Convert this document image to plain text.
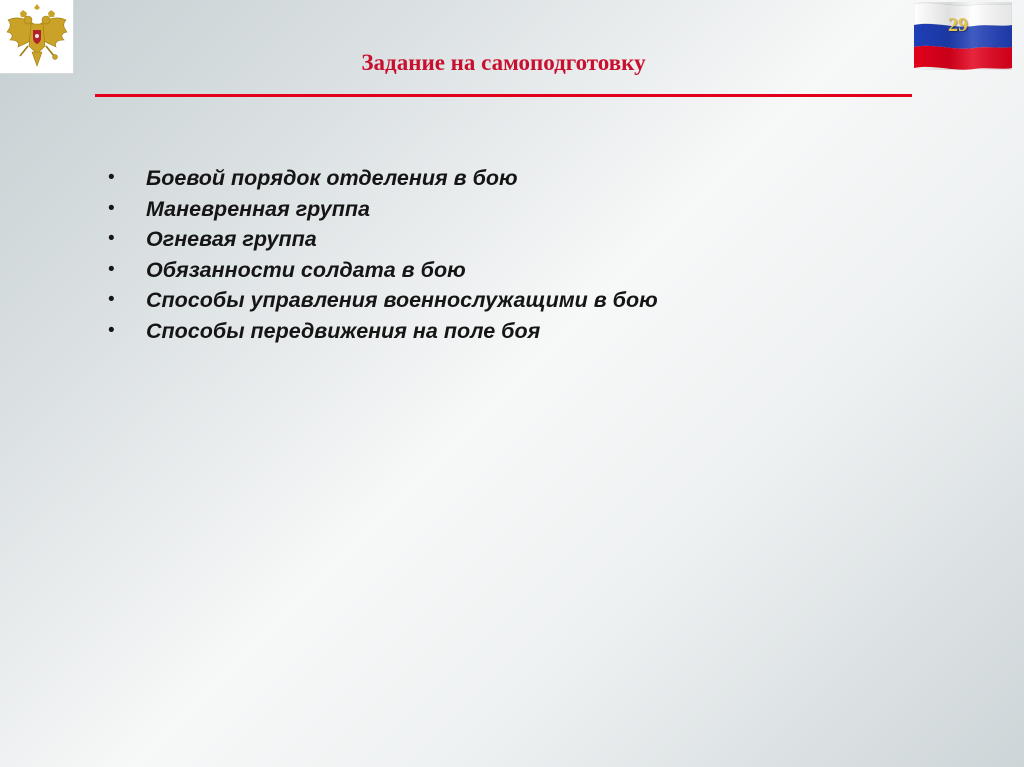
29
Задание на самоподготовку
• Боевой порядок отделения в бою
• Маневренная группа
• Огневая группа
• Обязанности солдата в бою
• Способы управления военнослужащими в бою
• Способы передвижения на поле боя
